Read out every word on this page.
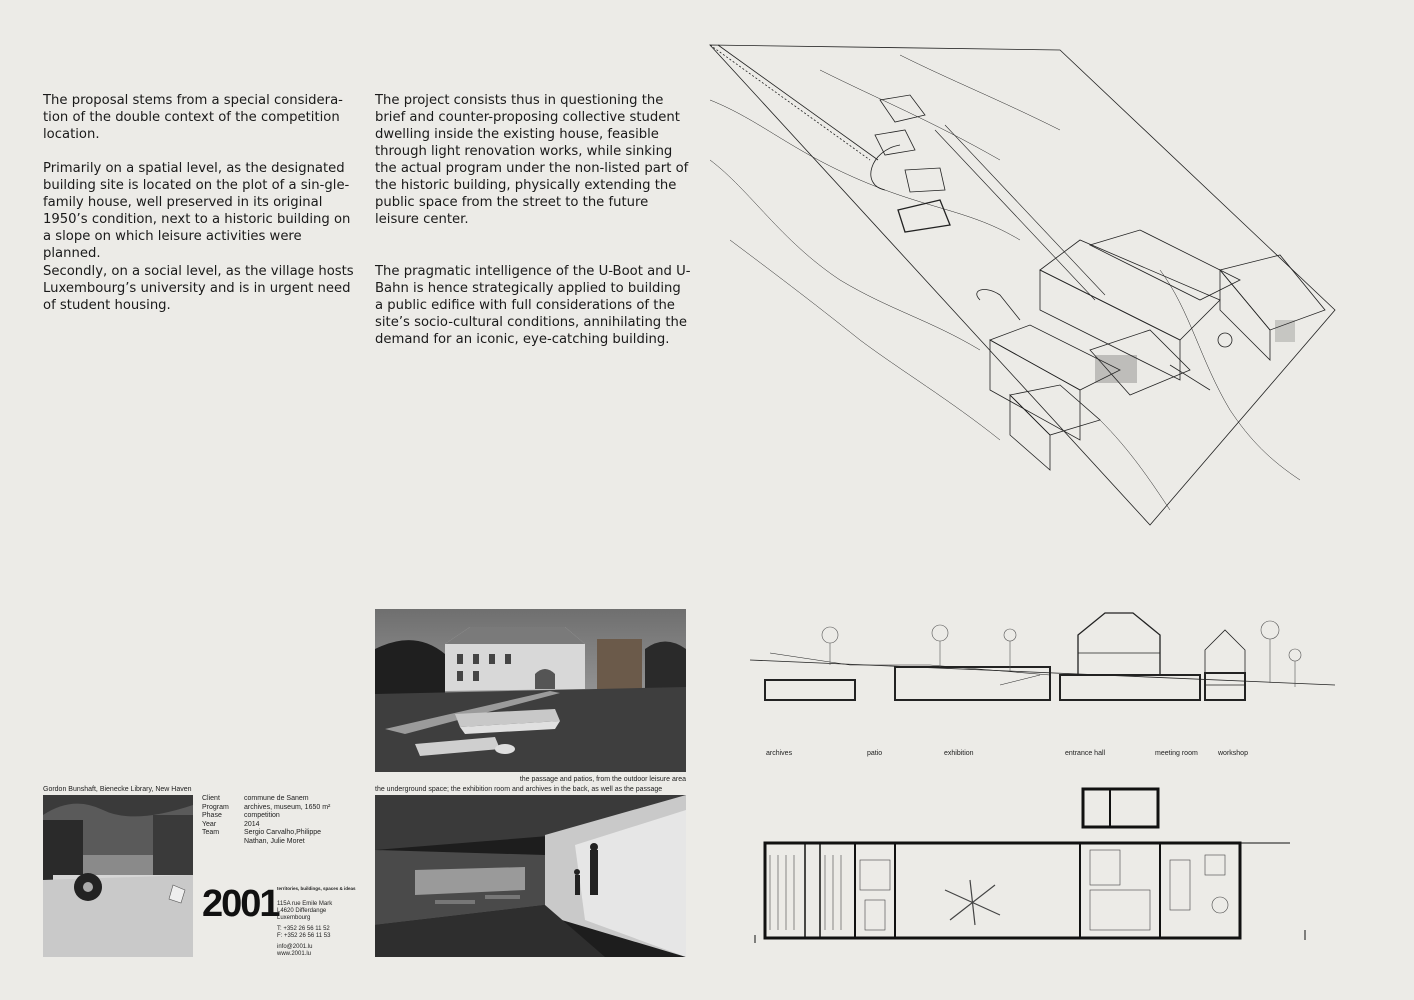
The proposal stems from a special considera-tion of the double context of the competition location.

Primarily on a spatial level, as the designated building site is located on the plot of a sin-gle-family house, well preserved in its original 1950’s condition, next to a historic building on a slope on which leisure activities were planned.

Secondly, on a social level, as the village hosts Luxembourg’s university and is in urgent need of student housing.

The project consists thus in questioning the brief and counter-proposing collective student dwelling inside the existing house, feasible through light renovation works, while sinking the actual program under the non-listed part of the historic building, physically extending the public space from the street to the future leisure center.

The pragmatic intelligence of the U-Boot and U-Bahn is hence strategically applied to building a public edifice with full considerations of the site’s socio-cultural conditions, annihilating the demand for an iconic, eye-catching building.

Gordon Bunshaft, Bienecke Library, New Haven
Client	commune de Sanem
Program	archives, museum, 1650 m²
Phase	competition
Year	2014
Team	Sergio Carvalho,Philippe Nathan, Julie Moret
2001
territories, buildings, spaces & ideas
115A rue Emile Mark
L4620 Differdange
Luxembourg
T: +352 26 56 11 52
F: +352 26 56 11 53
info@2001.lu
www.2001.lu
the passage and patios, from the outdoor leisure area
the underground space; the exhibition room and archives in the back, as well as the passage
archives	patio	exhibition	entrance hall	meeting room	workshop
